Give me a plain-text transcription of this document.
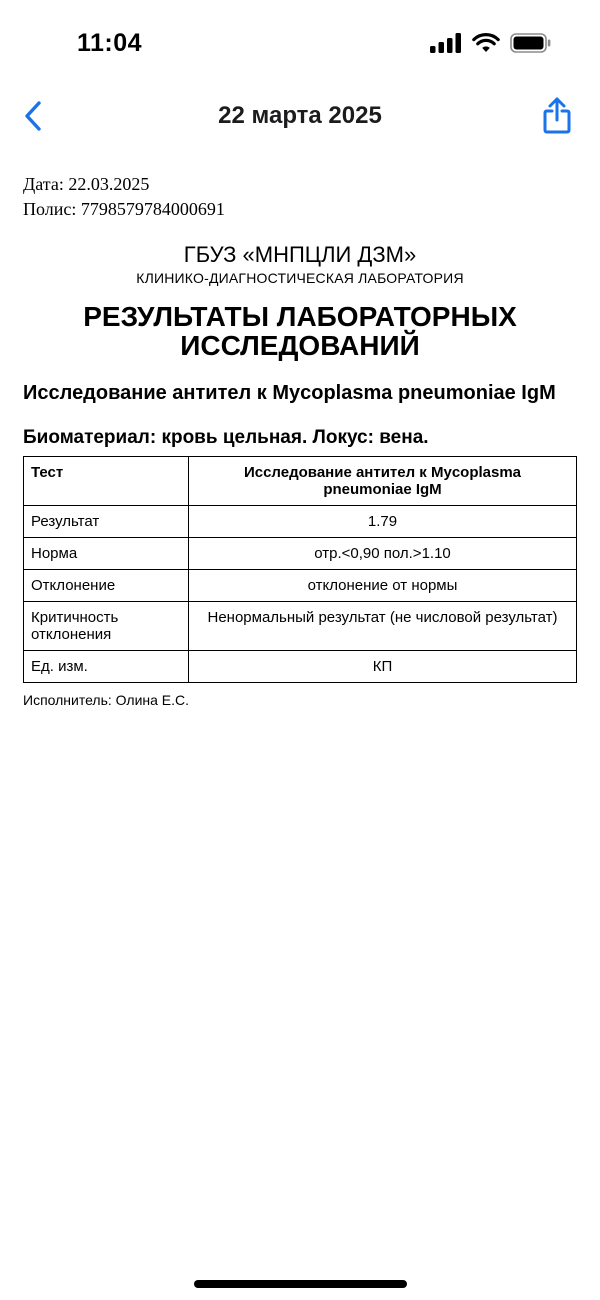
11:04
22 марта 2025
Дата: 22.03.2025
Полис: 7798579784000691
ГБУЗ «МНПЦЛИ ДЗМ»
КЛИНИКО-ДИАГНОСТИЧЕСКАЯ ЛАБОРАТОРИЯ
РЕЗУЛЬТАТЫ ЛАБОРАТОРНЫХ ИССЛЕДОВАНИЙ
Исследование антител к Mycoplasma pneumoniae IgM
Биоматериал: кровь цельная. Локус: вена.
Тест	Исследование антител к Mycoplasma pneumoniae IgM
Результат	1.79
Норма	отр.<0,90 пол.>1.10
Отклонение	отклонение от нормы
Критичность отклонения	Ненормальный результат (не числовой результат)
Ед. изм.	КП
Исполнитель: Олина Е.С.
